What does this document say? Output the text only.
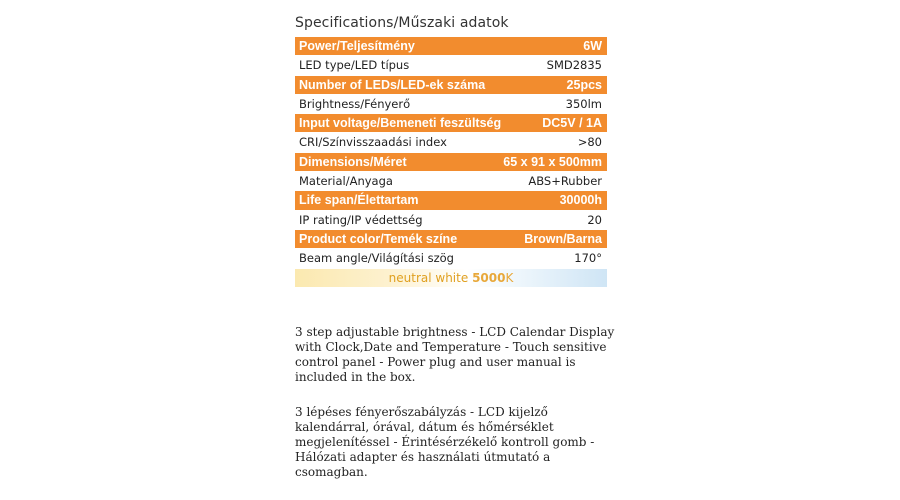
Specifications/Műszaki adatok
Power/Teljesítmény	6W
LED type/LED típus	SMD2835
Number of LEDs/LED-ek száma	25pcs
Brightness/Fényerő	350lm
Input voltage/Bemeneti feszültség	DC5V / 1A
CRI/Színvisszaadási index	>80
Dimensions/Méret	65 x 91 x 500mm
Material/Anyaga	ABS+Rubber
Life span/Élettartam	30000h
IP rating/IP védettség	20
Product color/Temék színe	Brown/Barna
Beam angle/Világítási szög	170°
neutral white 5000K

3 step adjustable brightness - LCD Calendar Display with Clock,Date and Temperature - Touch sensitive control panel - Power plug and user manual is included in the box.

3 lépéses fényerőszabályzás - LCD kijelző kalendárral, órával, dátum és hőmérséklet megjelenítéssel - Érintésérzékelő kontroll gomb - Hálózati adapter és használati útmutató a csomagban.
